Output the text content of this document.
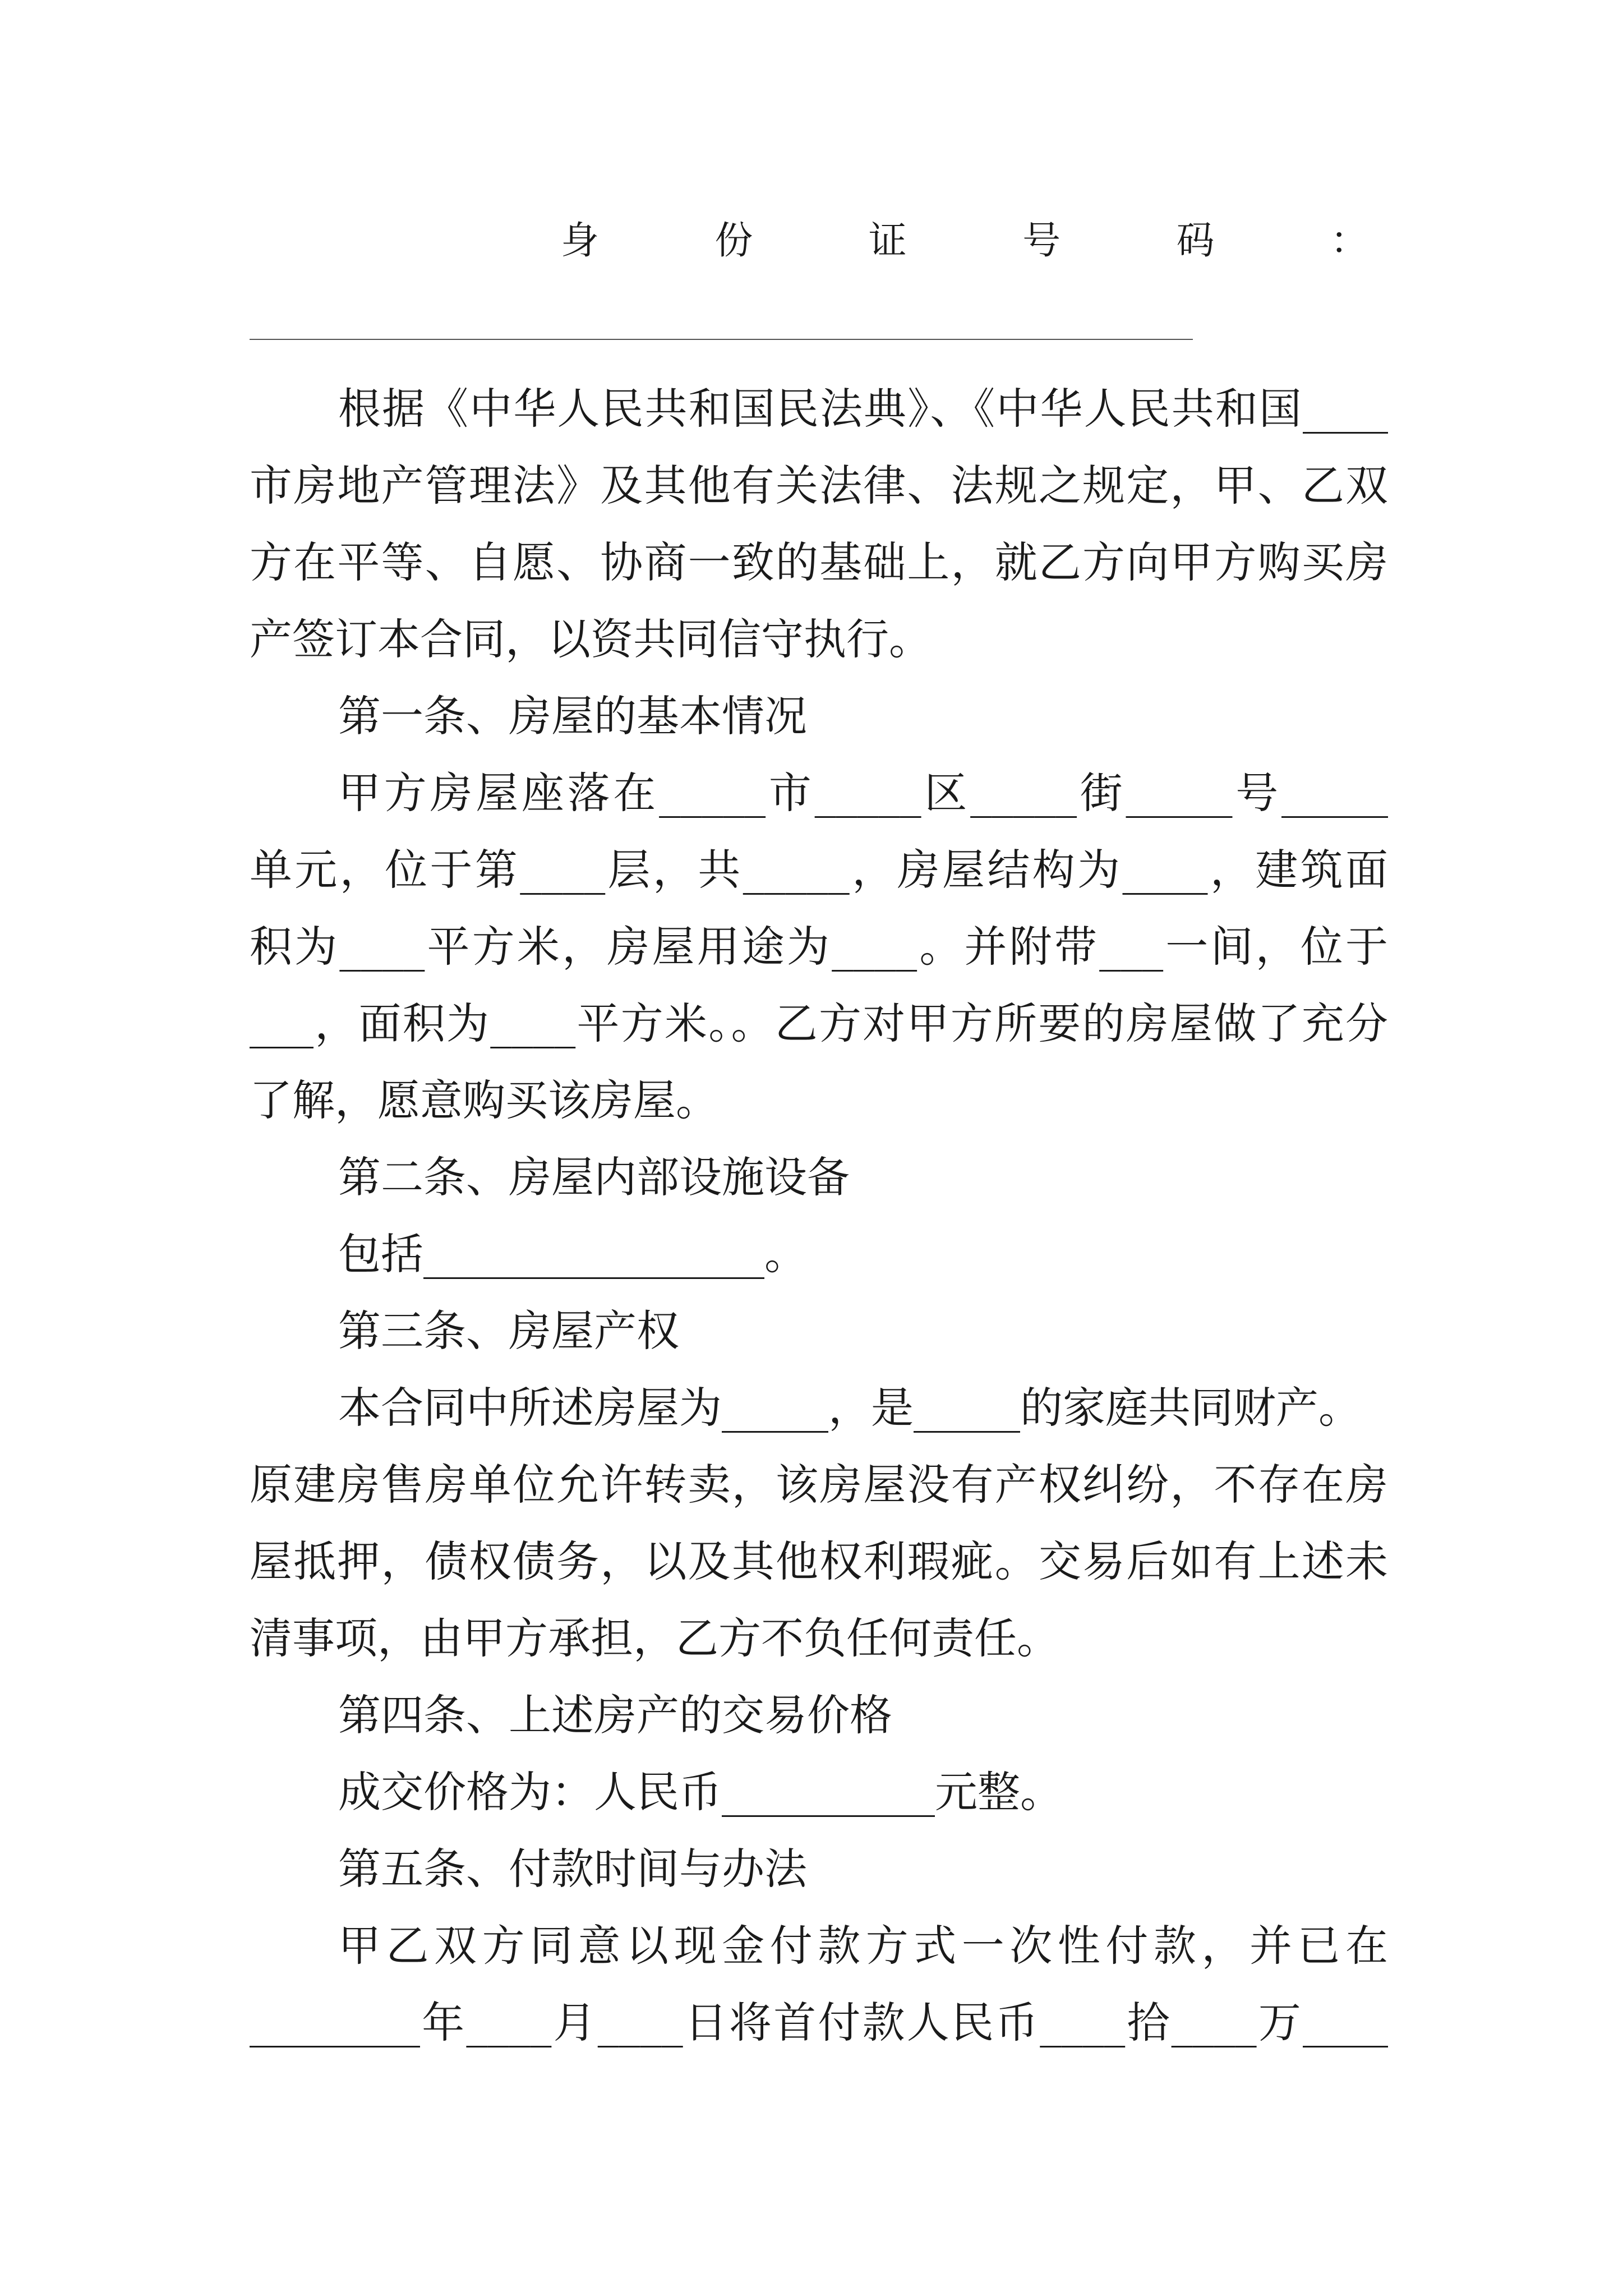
身	份	证	号	码	：
根据《中华人民共和国民法典》、《中华人民共和国____
市房地产管理法》及其他有关法律、法规之规定，甲、乙双
方在平等、自愿、协商一致的基础上，就乙方向甲方购买房
产签订本合同，以资共同信守执行。
第一条、房屋的基本情况
甲方房屋座落在_____市_____区_____街_____号_____
单元，位于第____层，共_____，房屋结构为____，建筑面
积为____平方米，房屋用途为____。并附带___一间，位于
___，面积为____平方米。。乙方对甲方所要的房屋做了充分
了解，愿意购买该房屋。
第二条、房屋内部设施设备
包括________________。
第三条、房屋产权
本合同中所述房屋为_____，是_____的家庭共同财产。
原建房售房单位允许转卖，该房屋没有产权纠纷，不存在房
屋抵押，债权债务，以及其他权利瑕疵。交易后如有上述未
清事项，由甲方承担，乙方不负任何责任。
第四条、上述房产的交易价格
成交价格为：人民币__________元整。
第五条、付款时间与办法
甲乙双方同意以现金付款方式一次性付款，并已在
________年____月____日将首付款人民币____拾____万____
